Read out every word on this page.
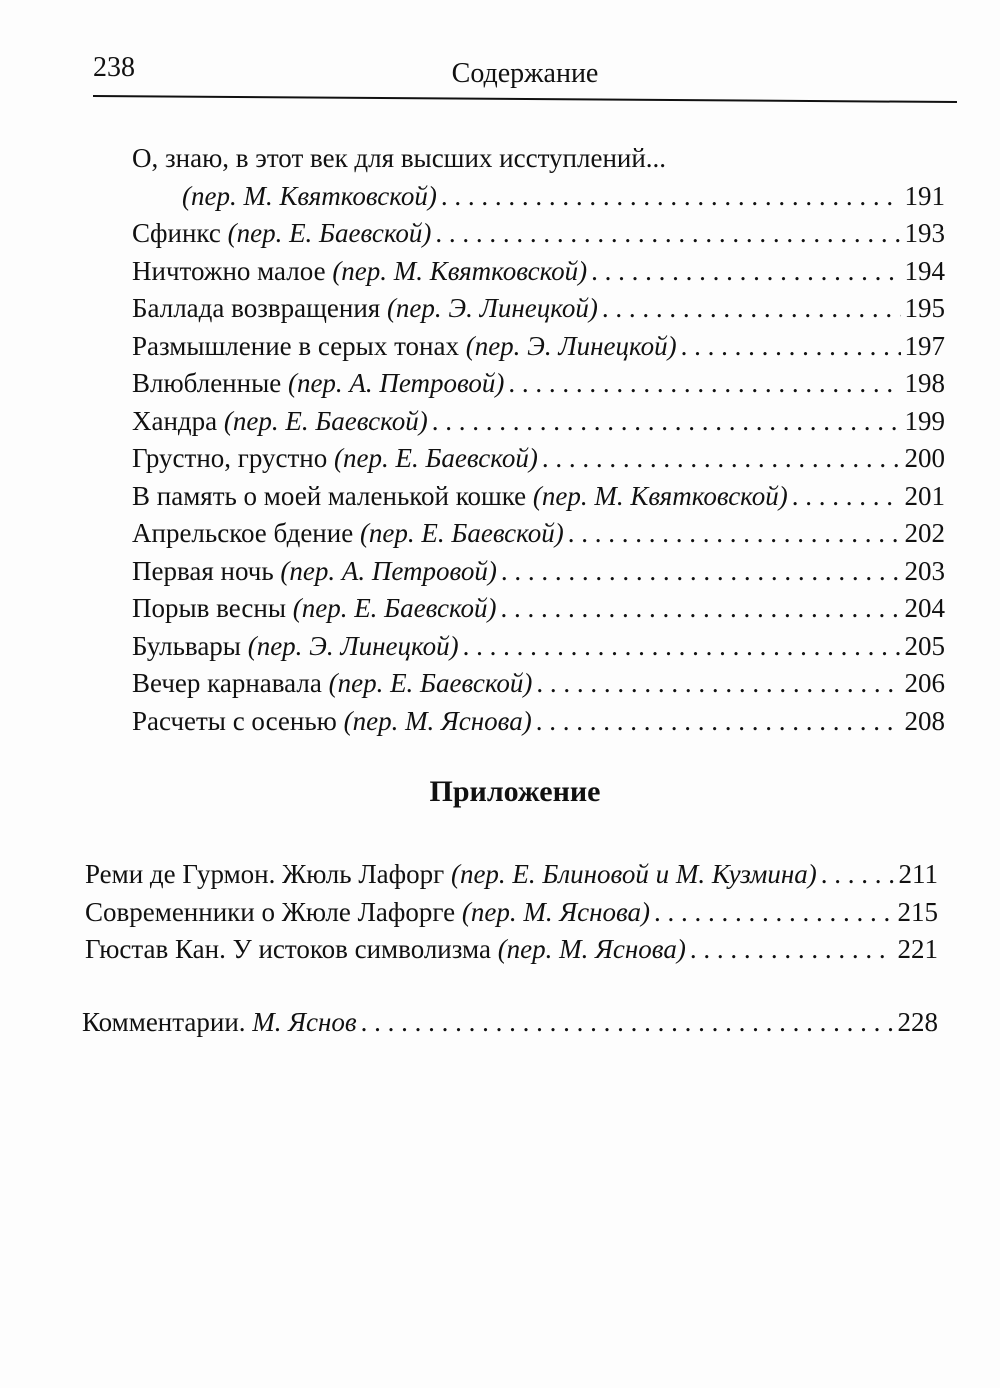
238	Содержание
О, знаю, в этот век для высших исступлений...
(пер. М. Квятковской) . . .	191
Сфинкс (пер. Е. Баевской) . . .	193
Ничтожно малое (пер. М. Квятковской) . . .	194
Баллада возвращения (пер. Э. Линецкой) . . .	195
Размышление в серых тонах (пер. Э. Линецкой) . . .	197
Влюбленные (пер. А. Петровой) . . .	198
Хандра (пер. Е. Баевской) . . .	199
Грустно, грустно (пер. Е. Баевской) . . .	200
В память о моей маленькой кошке (пер. М. Квятковской) . . .	201
Апрельское бдение (пер. Е. Баевской) . . .	202
Первая ночь (пер. А. Петровой) . . .	203
Порыв весны (пер. Е. Баевской) . . .	204
Бульвары (пер. Э. Линецкой) . . .	205
Вечер карнавала (пер. Е. Баевской) . . .	206
Расчеты с осенью (пер. М. Яснова) . . .	208
Приложение
Реми де Гурмон. Жюль Лафорг (пер. Е. Блиновой и М. Кузмина) . . .	211
Современники о Жюле Лафорге (пер. М. Яснова) . . .	215
Гюстав Кан. У истоков символизма (пер. М. Яснова) . . .	221
Комментарии. М. Яснов . . .	228
